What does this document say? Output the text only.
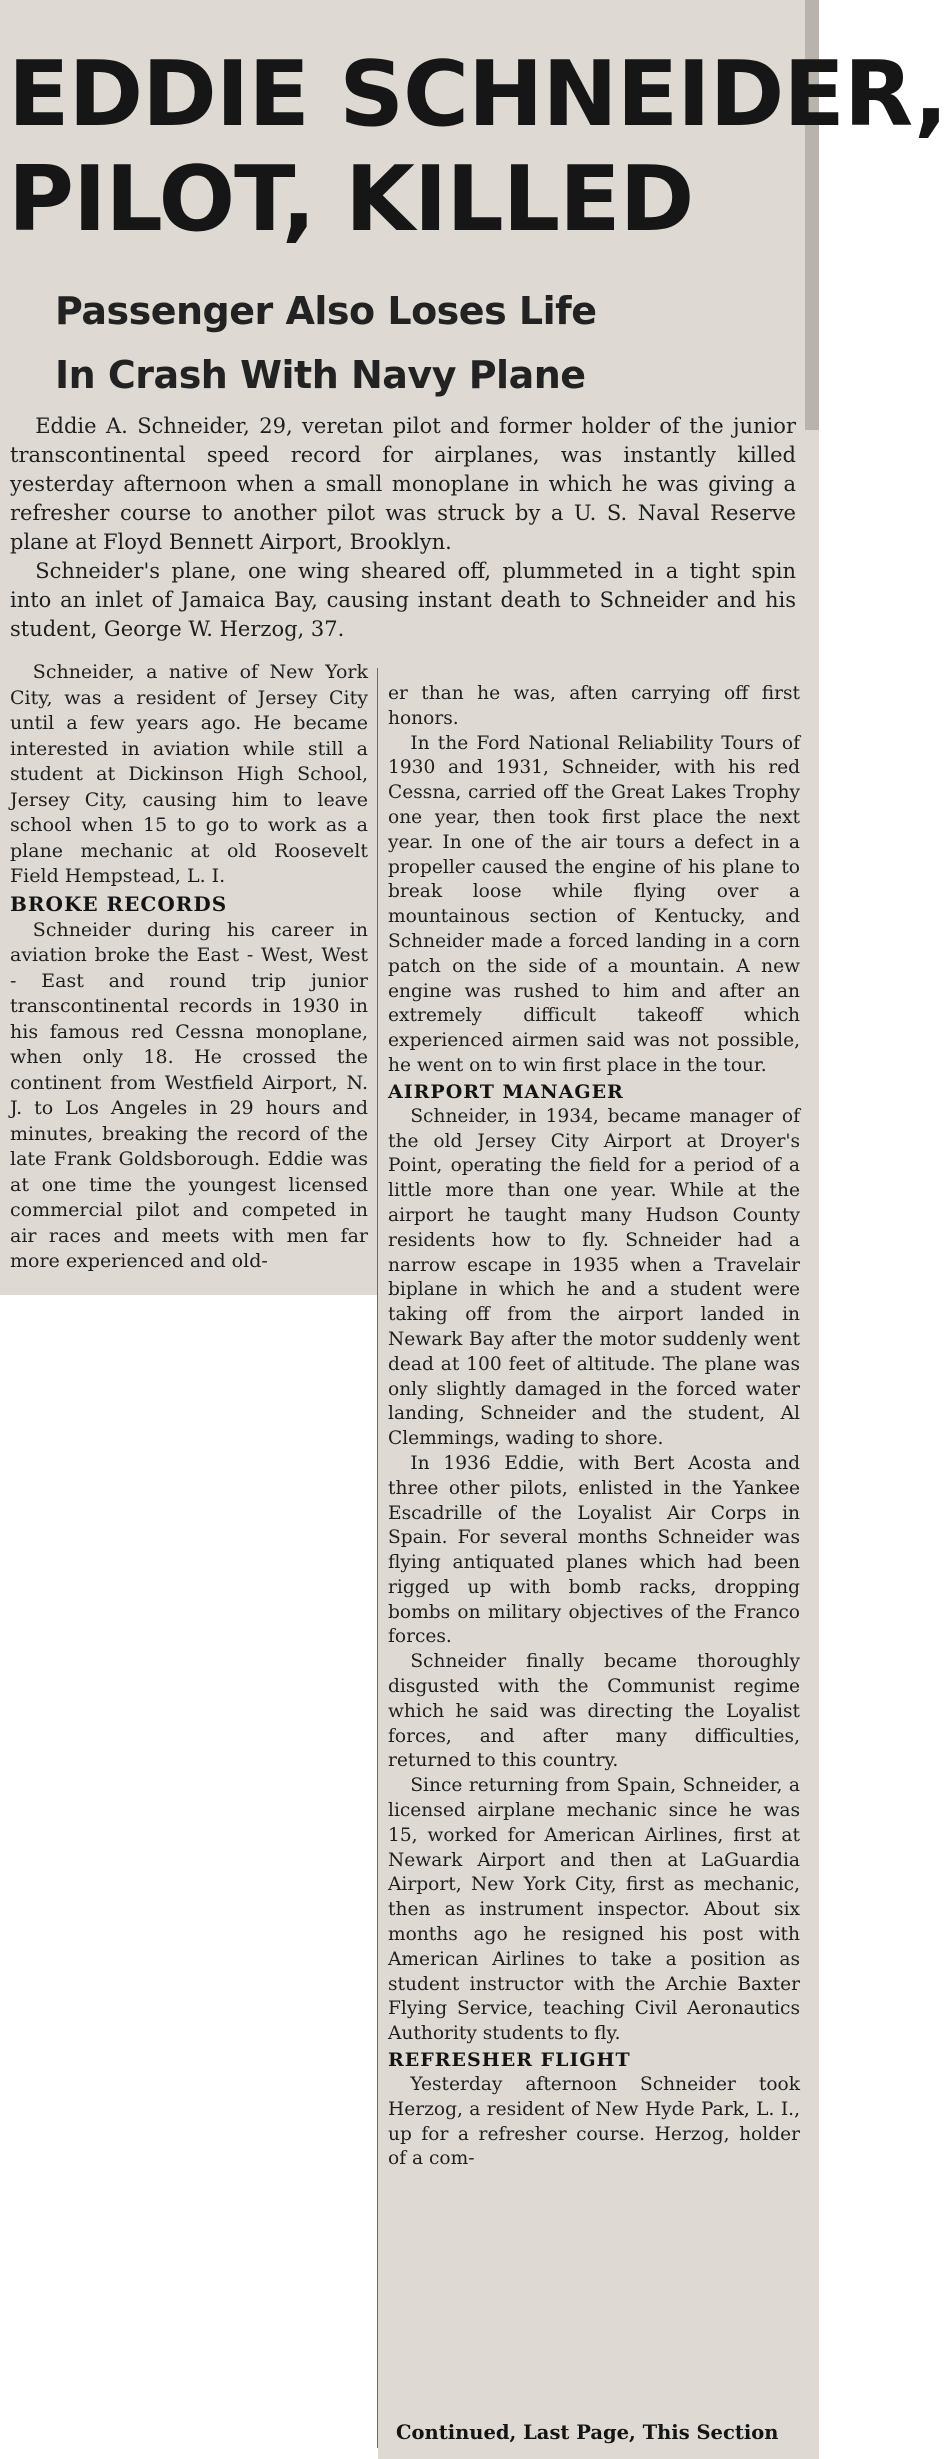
EDDIE SCHNEIDER,
PILOT, KILLED
Passenger Also Loses Life
In Crash With Navy Plane

Eddie A. Schneider, 29, veretan pilot and former holder of the junior transcontinental speed record for airplanes, was instantly killed yesterday afternoon when a small monoplane in which he was giving a refresher course to another pilot was struck by a U. S. Naval Reserve plane at Floyd Bennett Airport, Brooklyn.

Schneider's plane, one wing sheared off, plummeted in a tight spin into an inlet of Jamaica Bay, causing instant death to Schneider and his student, George W. Herzog, 37.

Schneider, a native of New York City, was a resident of Jersey City until a few years ago. He became interested in aviation while still a student at Dickinson High School, Jersey City, causing him to leave school when 15 to go to work as a plane mechanic at old Roosevelt Field Hempstead, L. I.

BROKE RECORDS

Schneider during his career in aviation broke the East - West, West - East and round trip junior transcontinental records in 1930 in his famous red Cessna monoplane, when only 18. He crossed the continent from Westfield Airport, N. J. to Los Angeles in 29 hours and minutes, breaking the record of the late Frank Goldsborough. Eddie was at one time the youngest licensed commercial pilot and competed in air races and meets with men far more experienced and old-

er than he was, aften carrying off first honors.

In the Ford National Reliability Tours of 1930 and 1931, Schneider, with his red Cessna, carried off the Great Lakes Trophy one year, then took first place the next year. In one of the air tours a defect in a propeller caused the engine of his plane to break loose while flying over a mountainous section of Kentucky, and Schneider made a forced landing in a corn patch on the side of a mountain. A new engine was rushed to him and after an extremely difficult takeoff which experienced airmen said was not possible, he went on to win first place in the tour.

AIRPORT MANAGER

Schneider, in 1934, became manager of the old Jersey City Airport at Droyer's Point, operating the field for a period of a little more than one year. While at the airport he taught many Hudson County residents how to fly. Schneider had a narrow escape in 1935 when a Travelair biplane in which he and a student were taking off from the airport landed in Newark Bay after the motor suddenly went dead at 100 feet of altitude. The plane was only slightly damaged in the forced water landing, Schneider and the student, Al Clemmings, wading to shore.

In 1936 Eddie, with Bert Acosta and three other pilots, enlisted in the Yankee Escadrille of the Loyalist Air Corps in Spain. For several months Schneider was flying antiquated planes which had been rigged up with bomb racks, dropping bombs on military objectives of the Franco forces.

Schneider finally became thoroughly disgusted with the Communist regime which he said was directing the Loyalist forces, and after many difficulties, returned to this country.

Since returning from Spain, Schneider, a licensed airplane mechanic since he was 15, worked for American Airlines, first at Newark Airport and then at LaGuardia Airport, New York City, first as mechanic, then as instrument inspector. About six months ago he resigned his post with American Airlines to take a position as student instructor with the Archie Baxter Flying Service, teaching Civil Aeronautics Authority students to fly.

REFRESHER FLIGHT

Yesterday afternoon Schneider took Herzog, a resident of New Hyde Park, L. I., up for a refresher course. Herzog, holder of a com-

Continued, Last Page, This Section
